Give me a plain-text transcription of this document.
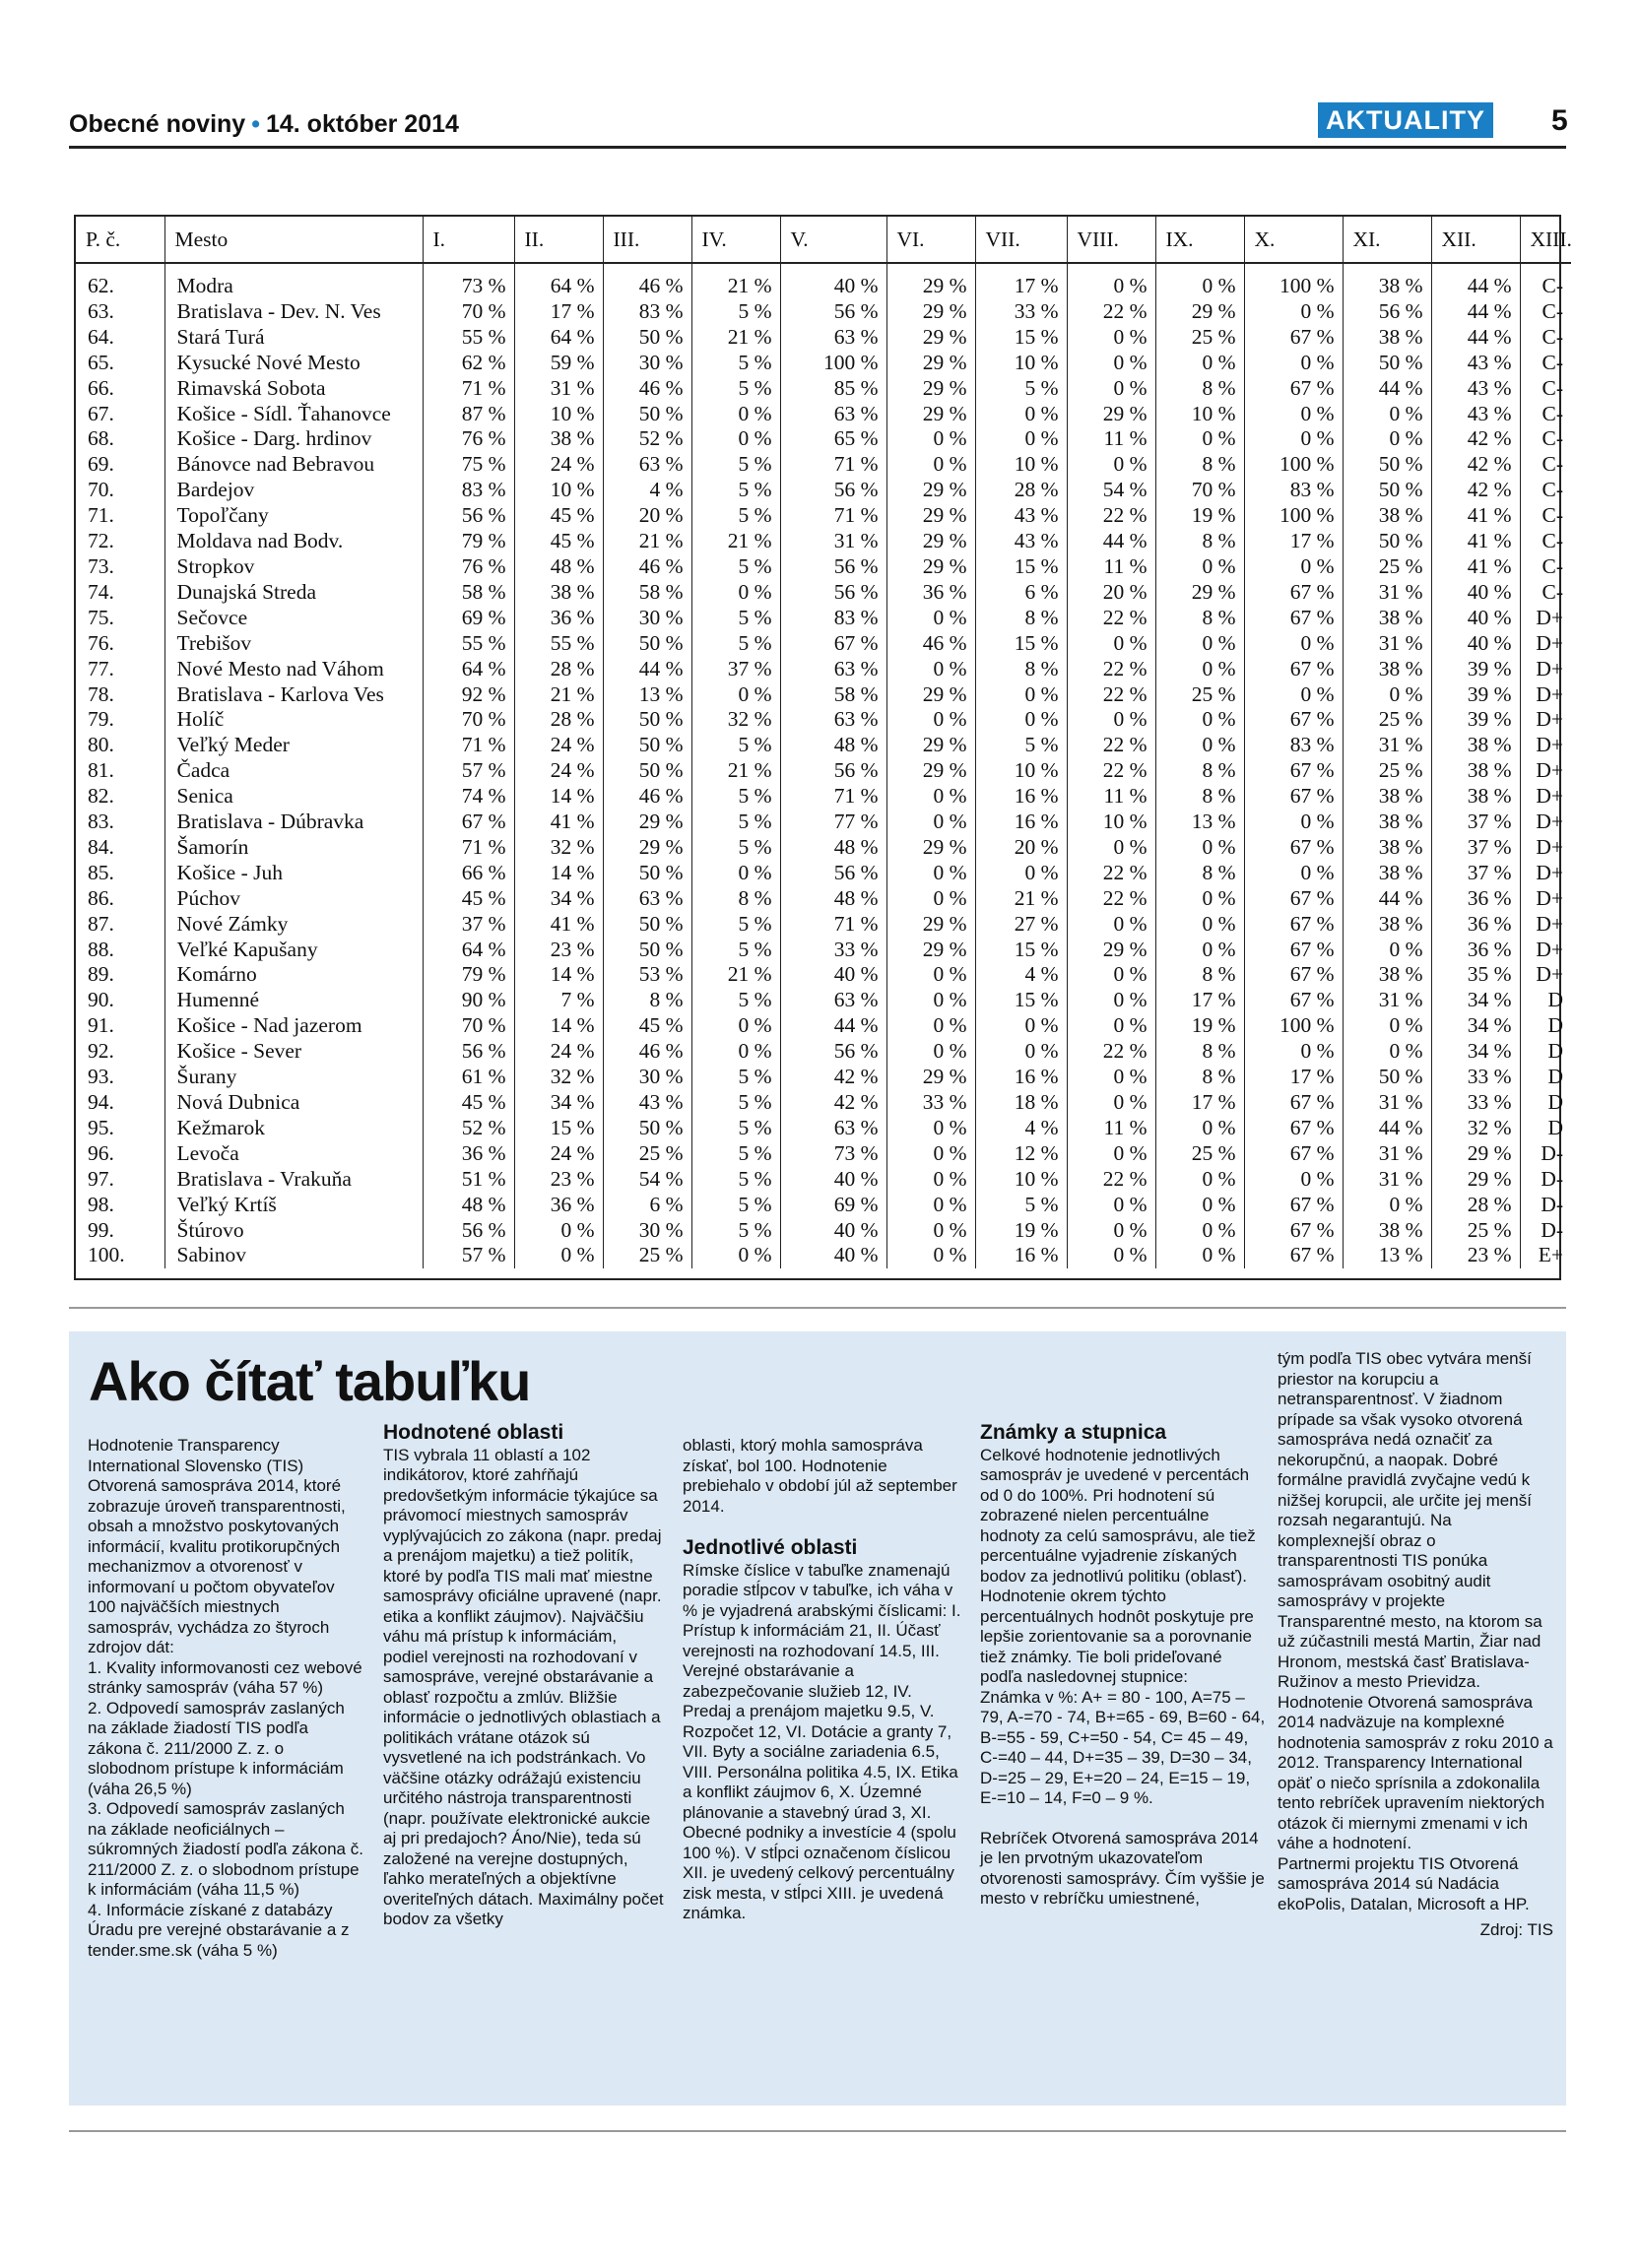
Obecné noviny • 14. október 2014	AKTUALITY 5
P. č.	Mesto	I.	II.	III.	IV.	V.	VI.	VII.	VIII.	IX.	X.	XI.	XII.	XIII.
62.	Modra	73 %	64 %	46 %	21 %	40 %	29 %	17 %	0 %	0 %	100 %	38 %	44 %	C-
63.	Bratislava - Dev. N. Ves	70 %	17 %	83 %	5 %	56 %	29 %	33 %	22 %	29 %	0 %	56 %	44 %	C-
64.	Stará Turá	55 %	64 %	50 %	21 %	63 %	29 %	15 %	0 %	25 %	67 %	38 %	44 %	C-
65.	Kysucké Nové Mesto	62 %	59 %	30 %	5 %	100 %	29 %	10 %	0 %	0 %	0 %	50 %	43 %	C-
66.	Rimavská Sobota	71 %	31 %	46 %	5 %	85 %	29 %	5 %	0 %	8 %	67 %	44 %	43 %	C-
67.	Košice - Sídl. Ťahanovce	87 %	10 %	50 %	0 %	63 %	29 %	0 %	29 %	10 %	0 %	0 %	43 %	C-
68.	Košice - Darg. hrdinov	76 %	38 %	52 %	0 %	65 %	0 %	0 %	11 %	0 %	0 %	0 %	42 %	C-
69.	Bánovce nad Bebravou	75 %	24 %	63 %	5 %	71 %	0 %	10 %	0 %	8 %	100 %	50 %	42 %	C-
70.	Bardejov	83 %	10 %	4 %	5 %	56 %	29 %	28 %	54 %	70 %	83 %	50 %	42 %	C-
71.	Topoľčany	56 %	45 %	20 %	5 %	71 %	29 %	43 %	22 %	19 %	100 %	38 %	41 %	C-
72.	Moldava nad Bodv.	79 %	45 %	21 %	21 %	31 %	29 %	43 %	44 %	8 %	17 %	50 %	41 %	C-
73.	Stropkov	76 %	48 %	46 %	5 %	56 %	29 %	15 %	11 %	0 %	0 %	25 %	41 %	C-
74.	Dunajská Streda	58 %	38 %	58 %	0 %	56 %	36 %	6 %	20 %	29 %	67 %	31 %	40 %	C-
75.	Sečovce	69 %	36 %	30 %	5 %	83 %	0 %	8 %	22 %	8 %	67 %	38 %	40 %	D+
76.	Trebišov	55 %	55 %	50 %	5 %	67 %	46 %	15 %	0 %	0 %	0 %	31 %	40 %	D+
77.	Nové Mesto nad Váhom	64 %	28 %	44 %	37 %	63 %	0 %	8 %	22 %	0 %	67 %	38 %	39 %	D+
78.	Bratislava - Karlova Ves	92 %	21 %	13 %	0 %	58 %	29 %	0 %	22 %	25 %	0 %	0 %	39 %	D+
79.	Holíč	70 %	28 %	50 %	32 %	63 %	0 %	0 %	0 %	0 %	67 %	25 %	39 %	D+
80.	Veľký Meder	71 %	24 %	50 %	5 %	48 %	29 %	5 %	22 %	0 %	83 %	31 %	38 %	D+
81.	Čadca	57 %	24 %	50 %	21 %	56 %	29 %	10 %	22 %	8 %	67 %	25 %	38 %	D+
82.	Senica	74 %	14 %	46 %	5 %	71 %	0 %	16 %	11 %	8 %	67 %	38 %	38 %	D+
83.	Bratislava - Dúbravka	67 %	41 %	29 %	5 %	77 %	0 %	16 %	10 %	13 %	0 %	38 %	37 %	D+
84.	Šamorín	71 %	32 %	29 %	5 %	48 %	29 %	20 %	0 %	0 %	67 %	38 %	37 %	D+
85.	Košice - Juh	66 %	14 %	50 %	0 %	56 %	0 %	0 %	22 %	8 %	0 %	38 %	37 %	D+
86.	Púchov	45 %	34 %	63 %	8 %	48 %	0 %	21 %	22 %	0 %	67 %	44 %	36 %	D+
87.	Nové Zámky	37 %	41 %	50 %	5 %	71 %	29 %	27 %	0 %	0 %	67 %	38 %	36 %	D+
88.	Veľké Kapušany	64 %	23 %	50 %	5 %	33 %	29 %	15 %	29 %	0 %	67 %	0 %	36 %	D+
89.	Komárno	79 %	14 %	53 %	21 %	40 %	0 %	4 %	0 %	8 %	67 %	38 %	35 %	D+
90.	Humenné	90 %	7 %	8 %	5 %	63 %	0 %	15 %	0 %	17 %	67 %	31 %	34 %	D
91.	Košice - Nad jazerom	70 %	14 %	45 %	0 %	44 %	0 %	0 %	0 %	19 %	100 %	0 %	34 %	D
92.	Košice - Sever	56 %	24 %	46 %	0 %	56 %	0 %	0 %	22 %	8 %	0 %	0 %	34 %	D
93.	Šurany	61 %	32 %	30 %	5 %	42 %	29 %	16 %	0 %	8 %	17 %	50 %	33 %	D
94.	Nová Dubnica	45 %	34 %	43 %	5 %	42 %	33 %	18 %	0 %	17 %	67 %	31 %	33 %	D
95.	Kežmarok	52 %	15 %	50 %	5 %	63 %	0 %	4 %	11 %	0 %	67 %	44 %	32 %	D
96.	Levoča	36 %	24 %	25 %	5 %	73 %	0 %	12 %	0 %	25 %	67 %	31 %	29 %	D-
97.	Bratislava - Vrakuňa	51 %	23 %	54 %	5 %	40 %	0 %	10 %	22 %	0 %	0 %	31 %	29 %	D-
98.	Veľký Krtíš	48 %	36 %	6 %	5 %	69 %	0 %	5 %	0 %	0 %	67 %	0 %	28 %	D-
99.	Štúrovo	56 %	0 %	30 %	5 %	40 %	0 %	19 %	0 %	0 %	67 %	38 %	25 %	D-
100.	Sabinov	57 %	0 %	25 %	0 %	40 %	0 %	16 %	0 %	0 %	67 %	13 %	23 %	E+
Ako čítať tabuľku

Hodnotenie Transparency International Slovensko (TIS) Otvorená samospráva 2014, ktoré zobrazuje úroveň transparentnosti, obsah a množstvo poskytovaných informácií, kvalitu protikorupčných mechanizmov a otvorenosť v informovaní u počtom obyvateľov 100 najväčších miestnych samospráv, vychádza zo štyroch zdrojov dát:

1. Kvality informovanosti cez webové stránky samospráv (váha 57 %)

2. Odpovedí samospráv zaslaných na základe žiadostí TIS podľa zákona č. 211/2000 Z. z. o slobodnom prístupe k informáciám (váha 26,5 %)

3. Odpovedí samospráv zaslaných na základe neoficiálnych – súkromných žiadostí podľa zákona č. 211/2000 Z. z. o slobodnom prístupe k informáciám (váha 11,5 %)

4. Informácie získané z databázy Úradu pre verejné obstarávanie a z tender.sme.sk (váha 5 %)

Hodnotené oblasti

TIS vybrala 11 oblastí a 102 indikátorov, ktoré zahŕňajú predovšetkým informácie týkajúce sa právomocí miestnych samospráv vyplývajúcich zo zákona (napr. predaj a prenájom majetku) a tiež politík, ktoré by podľa TIS mali mať miestne samosprávy oficiálne upravené (napr. etika a konflikt záujmov). Najväčšiu váhu má prístup k informáciám, podiel verejnosti na rozhodovaní v samospráve, verejné obstarávanie a oblasť rozpočtu a zmlúv. Bližšie informácie o jednotlivých oblastiach a politikách vrátane otázok sú vysvetlené na ich podstránkach. Vo väčšine otázky odrážajú existenciu určitého nástroja transparentnosti (napr. používate elektronické aukcie aj pri predajoch? Áno/Nie), teda sú založené na verejne dostupných, ľahko merateľných a objektívne overiteľných dátach. Maximálny počet bodov za všetky

oblasti, ktorý mohla samospráva získať, bol 100. Hodnotenie prebiehalo v období júl až september 2014.

Jednotlivé oblasti

Rímske číslice v tabuľke znamenajú poradie stĺpcov v tabuľke, ich váha v % je vyjadrená arabskými číslicami: I. Prístup k informáciám 21, II. Účasť verejnosti na rozhodovaní 14.5, III. Verejné obstarávanie a zabezpečovanie služieb 12, IV. Predaj a prenájom majetku 9.5, V. Rozpočet 12, VI. Dotácie a granty 7, VII. Byty a sociálne zariadenia 6.5, VIII. Personálna politika 4.5, IX. Etika a konflikt záujmov 6, X. Územné plánovanie a stavebný úrad 3, XI. Obecné podniky a investície 4 (spolu 100 %). V stĺpci označenom číslicou XII. je uvedený celkový percentuálny zisk mesta, v stĺpci XIII. je uvedená známka.

Známky a stupnica

Celkové hodnotenie jednotlivých samospráv je uvedené v percentách od 0 do 100%. Pri hodnotení sú zobrazené nielen percentuálne hodnoty za celú samosprávu, ale tiež percentuálne vyjadrenie získaných bodov za jednotlivú politiku (oblasť). Hodnotenie okrem týchto percentuálnych hodnôt poskytuje pre lepšie zorientovanie sa a porovnanie tiež známky. Tie boli prideľované podľa nasledovnej stupnice:

Známka v %: A+ = 80 - 100, A=75 – 79, A-=70 - 74, B+=65 - 69, B=60 - 64, B-=55 - 59, C+=50 - 54, C= 45 – 49, C-=40 – 44, D+=35 – 39, D=30 – 34, D-=25 – 29, E+=20 – 24, E=15 – 19, E-=10 – 14, F=0 – 9 %.

Rebríček Otvorená samospráva 2014 je len prvotným ukazovateľom otvorenosti samosprávy. Čím vyššie je mesto v rebríčku umiestnené,

tým podľa TIS obec vytvára menší priestor na korupciu a netransparentnosť. V žiadnom prípade sa však vysoko otvorená samospráva nedá označiť za nekorupčnú, a naopak. Dobré formálne pravidlá zvyčajne vedú k nižšej korupcii, ale určite jej menší rozsah negarantujú. Na komplexnejší obraz o transparentnosti TIS ponúka samosprávam osobitný audit samosprávy v projekte Transparentné mesto, na ktorom sa už zúčastnili mestá Martin, Žiar nad Hronom, mestská časť Bratislava-Ružinov a mesto Prievidza.

Hodnotenie Otvorená samospráva 2014 nadväzuje na komplexné hodnotenia samospráv z roku 2010 a 2012. Transparency International opäť o niečo sprísnila a zdokonalila tento rebríček upravením niektorých otázok či miernymi zmenami v ich váhe a hodnotení.

Partnermi projektu TIS Otvorená samospráva 2014 sú Nadácia ekoPolis, Datalan, Microsoft a HP.

Zdroj: TIS
